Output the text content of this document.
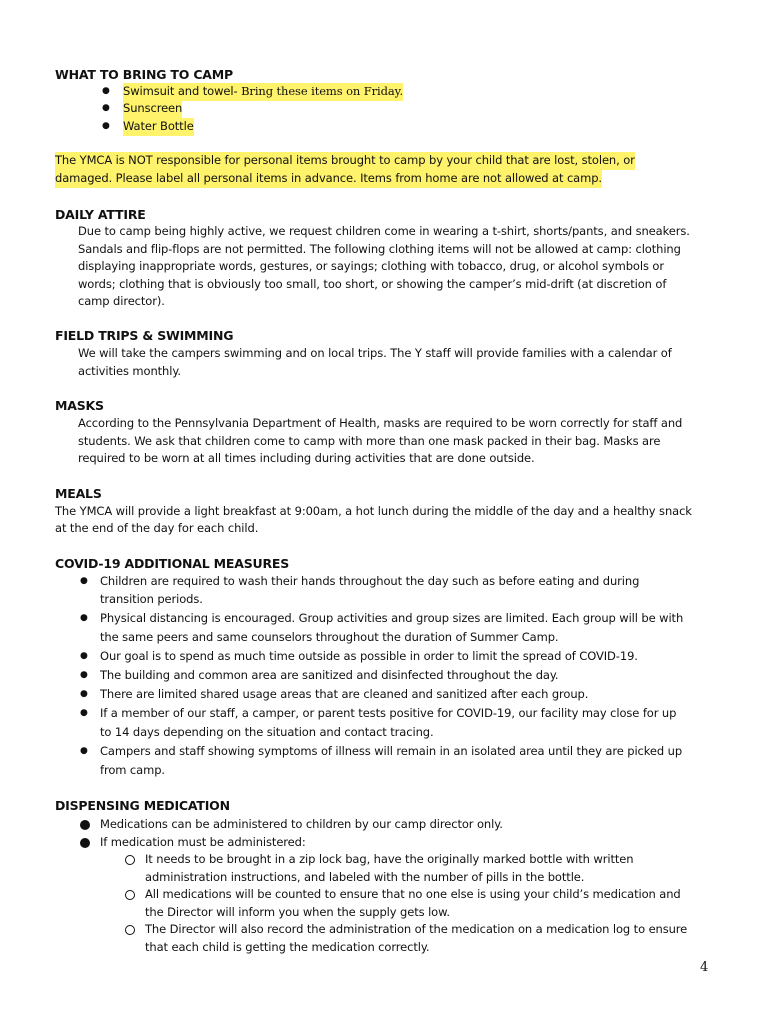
WHAT TO BRING TO CAMP
● Swimsuit and towel- Bring these items on Friday.
● Sunscreen
● Water Bottle
The YMCA is NOT responsible for personal items brought to camp by your child that are lost, stolen, or
damaged. Please label all personal items in advance. Items from home are not allowed at camp.
DAILY ATTIRE
Due to camp being highly active, we request children come in wearing a t-shirt, shorts/pants, and sneakers.
Sandals and flip-flops are not permitted. The following clothing items will not be allowed at camp: clothing
displaying inappropriate words, gestures, or sayings; clothing with tobacco, drug, or alcohol symbols or
words; clothing that is obviously too small, too short, or showing the camper’s mid-drift (at discretion of
camp director).
FIELD TRIPS & SWIMMING
We will take the campers swimming and on local trips. The Y staff will provide families with a calendar of
activities monthly.
MASKS
According to the Pennsylvania Department of Health, masks are required to be worn correctly for staff and
students. We ask that children come to camp with more than one mask packed in their bag. Masks are
required to be worn at all times including during activities that are done outside.
MEALS
The YMCA will provide a light breakfast at 9:00am, a hot lunch during the middle of the day and a healthy snack
at the end of the day for each child.
COVID-19 ADDITIONAL MEASURES
● Children are required to wash their hands throughout the day such as before eating and during
transition periods.
● Physical distancing is encouraged. Group activities and group sizes are limited. Each group will be with
the same peers and same counselors throughout the duration of Summer Camp.
● Our goal is to spend as much time outside as possible in order to limit the spread of COVID-19.
● The building and common area are sanitized and disinfected throughout the day.
● There are limited shared usage areas that are cleaned and sanitized after each group.
● If a member of our staff, a camper, or parent tests positive for COVID-19, our facility may close for up
to 14 days depending on the situation and contact tracing.
● Campers and staff showing symptoms of illness will remain in an isolated area until they are picked up
from camp.
DISPENSING MEDICATION
Medications can be administered to children by our camp director only.
If medication must be administered:
It needs to be brought in a zip lock bag, have the originally marked bottle with written
administration instructions, and labeled with the number of pills in the bottle.
All medications will be counted to ensure that no one else is using your child’s medication and
the Director will inform you when the supply gets low.
The Director will also record the administration of the medication on a medication log to ensure
that each child is getting the medication correctly.
4
